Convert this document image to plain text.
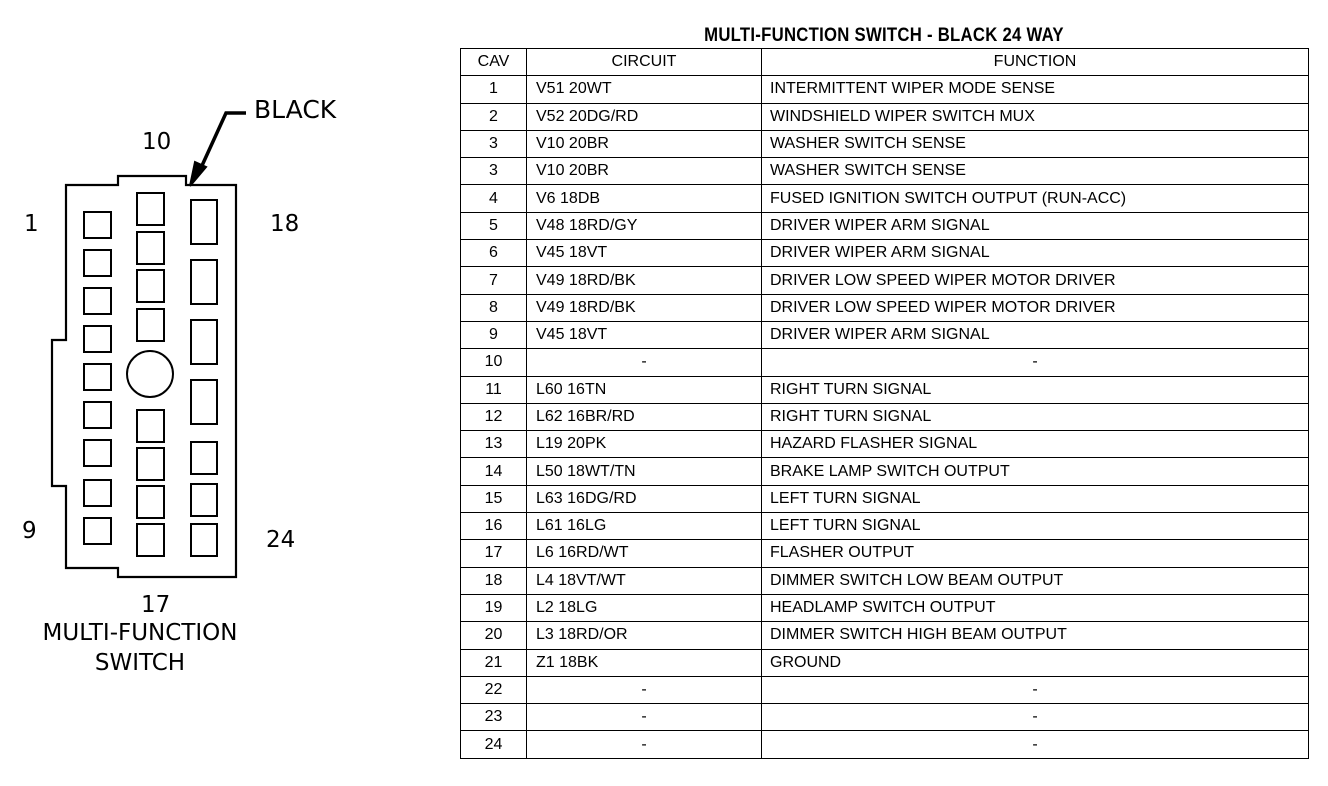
BLACK
10
1	18
9	24
17
MULTI-FUNCTION
SWITCH
MULTI-FUNCTION SWITCH - BLACK 24 WAY
CAV	CIRCUIT	FUNCTION
1	V51 20WT	INTERMITTENT WIPER MODE SENSE
2	V52 20DG/RD	WINDSHIELD WIPER SWITCH MUX
3	V10 20BR	WASHER SWITCH SENSE
3	V10 20BR	WASHER SWITCH SENSE
4	V6 18DB	FUSED IGNITION SWITCH OUTPUT (RUN-ACC)
5	V48 18RD/GY	DRIVER WIPER ARM SIGNAL
6	V45 18VT	DRIVER WIPER ARM SIGNAL
7	V49 18RD/BK	DRIVER LOW SPEED WIPER MOTOR DRIVER
8	V49 18RD/BK	DRIVER LOW SPEED WIPER MOTOR DRIVER
9	V45 18VT	DRIVER WIPER ARM SIGNAL
10	-	-
11	L60 16TN	RIGHT TURN SIGNAL
12	L62 16BR/RD	RIGHT TURN SIGNAL
13	L19 20PK	HAZARD FLASHER SIGNAL
14	L50 18WT/TN	BRAKE LAMP SWITCH OUTPUT
15	L63 16DG/RD	LEFT TURN SIGNAL
16	L61 16LG	LEFT TURN SIGNAL
17	L6 16RD/WT	FLASHER OUTPUT
18	L4 18VT/WT	DIMMER SWITCH LOW BEAM OUTPUT
19	L2 18LG	HEADLAMP SWITCH OUTPUT
20	L3 18RD/OR	DIMMER SWITCH HIGH BEAM OUTPUT
21	Z1 18BK	GROUND
22	-	-
23	-	-
24	-	-
